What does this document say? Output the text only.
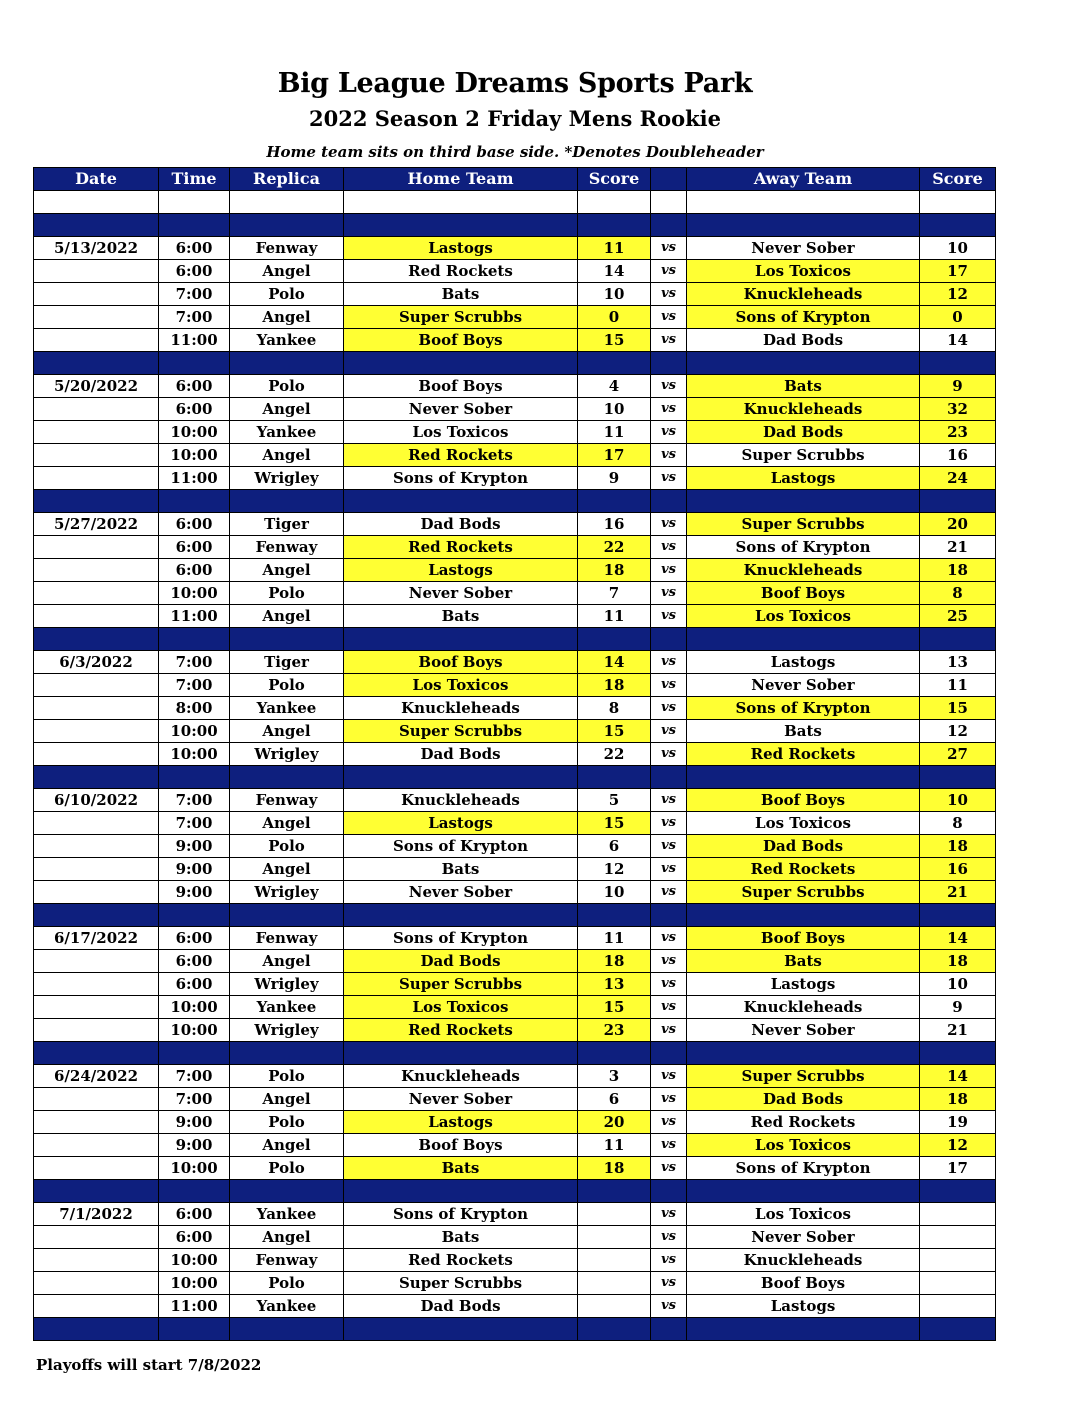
Big League Dreams Sports Park
2022 Season 2 Friday Mens Rookie
Home team sits on third base side. *Denotes Doubleheader
Date	Time	Replica	Home Team	Score		Away Team	Score

5/13/2022	6:00	Fenway	Lastogs	11	vs	Never Sober	10
	6:00	Angel	Red Rockets	14	vs	Los Toxicos	17
	7:00	Polo	Bats	10	vs	Knuckleheads	12
	7:00	Angel	Super Scrubbs	0	vs	Sons of Krypton	0
	11:00	Yankee	Boof Boys	15	vs	Dad Bods	14

5/20/2022	6:00	Polo	Boof Boys	4	vs	Bats	9
	6:00	Angel	Never Sober	10	vs	Knuckleheads	32
	10:00	Yankee	Los Toxicos	11	vs	Dad Bods	23
	10:00	Angel	Red Rockets	17	vs	Super Scrubbs	16
	11:00	Wrigley	Sons of Krypton	9	vs	Lastogs	24

5/27/2022	6:00	Tiger	Dad Bods	16	vs	Super Scrubbs	20
	6:00	Fenway	Red Rockets	22	vs	Sons of Krypton	21
	6:00	Angel	Lastogs	18	vs	Knuckleheads	18
	10:00	Polo	Never Sober	7	vs	Boof Boys	8
	11:00	Angel	Bats	11	vs	Los Toxicos	25

6/3/2022	7:00	Tiger	Boof Boys	14	vs	Lastogs	13
	7:00	Polo	Los Toxicos	18	vs	Never Sober	11
	8:00	Yankee	Knuckleheads	8	vs	Sons of Krypton	15
	10:00	Angel	Super Scrubbs	15	vs	Bats	12
	10:00	Wrigley	Dad Bods	22	vs	Red Rockets	27

6/10/2022	7:00	Fenway	Knuckleheads	5	vs	Boof Boys	10
	7:00	Angel	Lastogs	15	vs	Los Toxicos	8
	9:00	Polo	Sons of Krypton	6	vs	Dad Bods	18
	9:00	Angel	Bats	12	vs	Red Rockets	16
	9:00	Wrigley	Never Sober	10	vs	Super Scrubbs	21

6/17/2022	6:00	Fenway	Sons of Krypton	11	vs	Boof Boys	14
	6:00	Angel	Dad Bods	18	vs	Bats	18
	6:00	Wrigley	Super Scrubbs	13	vs	Lastogs	10
	10:00	Yankee	Los Toxicos	15	vs	Knuckleheads	9
	10:00	Wrigley	Red Rockets	23	vs	Never Sober	21

6/24/2022	7:00	Polo	Knuckleheads	3	vs	Super Scrubbs	14
	7:00	Angel	Never Sober	6	vs	Dad Bods	18
	9:00	Polo	Lastogs	20	vs	Red Rockets	19
	9:00	Angel	Boof Boys	11	vs	Los Toxicos	12
	10:00	Polo	Bats	18	vs	Sons of Krypton	17

7/1/2022	6:00	Yankee	Sons of Krypton		vs	Los Toxicos	
	6:00	Angel	Bats		vs	Never Sober	
	10:00	Fenway	Red Rockets		vs	Knuckleheads	
	10:00	Polo	Super Scrubbs		vs	Boof Boys	
	11:00	Yankee	Dad Bods		vs	Lastogs	

Playoffs will start 7/8/2022
